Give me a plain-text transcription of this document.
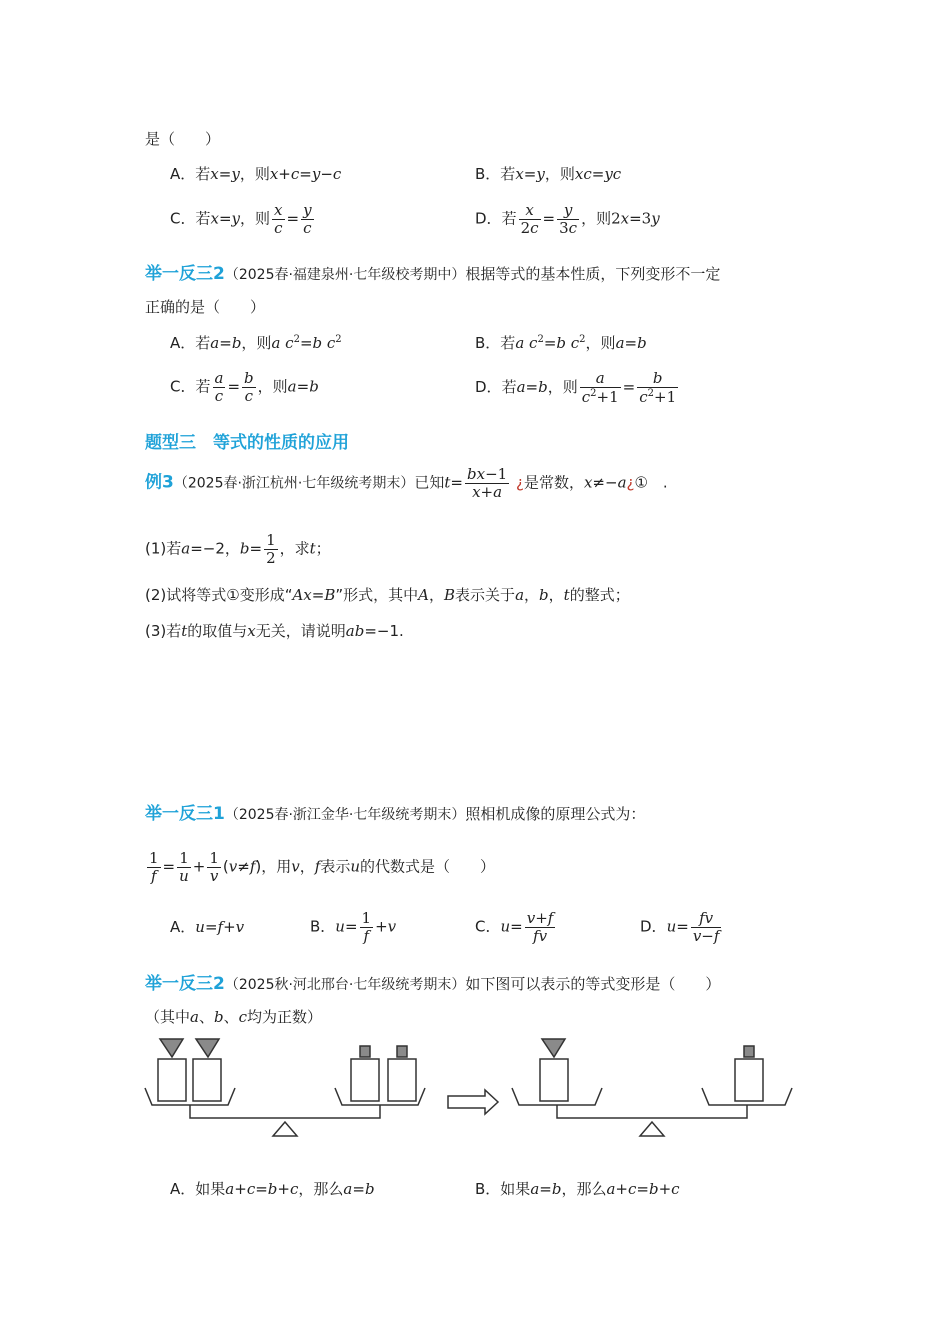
是（　　）
A．若x=y，则x+c=y−c	B．若x=y，则xc=yc
C．若x=y，则 $\frac{x}{c} = \frac{y}{c}$	D．若 $\frac{x}{2c} = \frac{y}{3c}$ ，则2x=3y
举一反三2（2025春·福建泉州·七年级校考期中）根据等式的基本性质，下列变形不一定
正确的是（　　）
A．若a=b，则a $c^2=b$ $c^2$	B．若a $c^2=b$ $c^2$，则a=b
C．若 $\frac{a}{c} = \frac{b}{c}$ ，则a=b	D．若a=b，则 $\frac{a}{c^2+1} = \frac{b}{c^2+1}$
题型三　等式的性质的应用
例3（2025春·浙江杭州·七年级统考期末）已知$t= \frac{bx-1}{x+a}$ ¿是常数，x≠−a¿①　.
(1)若a=−2，$b= \frac{1}{2}$ ，求t；
(2)试将等式①变形成“Ax=B”形式，其中A，B表示关于a，b，t的整式；
(3)若t的取值与x无关，请说明ab=−1.
举一反三1（2025春·浙江金华·七年级统考期末）照相机成像的原理公式为：
$\frac{1}{f} = \frac{1}{u} + \frac{1}{v} (v\ne f)$，用v，f表示u的代数式是（　　）
A．u=f+v	B．$u= \frac{1}{f} +v$	C．$u= \frac{v+f}{fv}$	D．$u= \frac{fv}{v-f}$
举一反三2（2025秋·河北邢台·七年级统考期末）如下图可以表示的等式变形是（　　）
（其中a、b、c均为正数）
A．如果a+c=b+c，那么a=b	B．如果a=b，那么a+c=b+c
